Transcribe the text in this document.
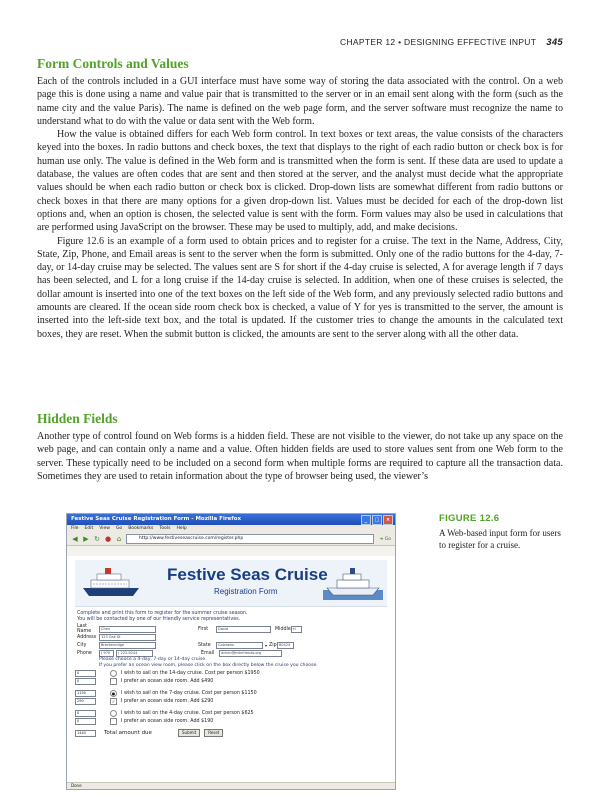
CHAPTER 12 • DESIGNING EFFECTIVE INPUT 345
Form Controls and Values

Each of the controls included in a GUI interface must have some way of storing the data associated with the control. On a web page this is done using a name and value pair that is transmitted to the server or in an email sent along with the form (such as the name city and the value Paris). The name is defined on the web page form, and the server software must recognize the name to understand what to do with the value or data sent with the Web form.

How the value is obtained differs for each Web form control. In text boxes or text areas, the value consists of the characters keyed into the boxes. In radio buttons and check boxes, the text that displays to the right of each radio button or check box is for human use only. The value is defined in the Web form and is transmitted when the form is sent. If these data are used to update a database, the values are often codes that are sent and then stored at the server, and the analyst must decide what the appropriate values should be when each radio button or check box is clicked. Drop-down lists are somewhat different from radio buttons or check boxes in that there are many options for a given drop-down list. Values must be decided for each of the drop-down list options and, when an option is chosen, the selected value is sent with the form. Form values may also be used in calculations that are performed using JavaScript on the browser. These may be used to multiply, add, and make decisions.

Figure 12.6 is an example of a form used to obtain prices and to register for a cruise. The text in the Name, Address, City, State, Zip, Phone, and Email areas is sent to the server when the form is submitted. Only one of the radio buttons for the 4-day, 7-day, or 14-day cruise may be selected. The values sent are S for short if the 4-day cruise is selected, A for average length if 7 days has been selected, and L for a long cruise if the 14-day cruise is selected. In addition, when one of these cruises is selected, the dollar amount is inserted into one of the text boxes on the left side of the Web form, and any previously selected radio buttons and amounts are cleared. If the ocean side room check box is checked, a value of Y for yes is transmitted to the server, the amount is inserted into the left-side text box, and the total is updated. If the customer tries to change the amounts in the calculated text boxes, they are reset. When the submit button is clicked, the amounts are sent to the server along with all the other data.

Hidden Fields

Another type of control found on Web forms is a hidden field. These are not visible to the viewer, do not take up any space on the web page, and can contain only a name and a value. Often hidden fields are used to store values sent from one Web form to the server. These typically need to be included on a second form when multiple forms are required to capture all the transaction data. Sometimes they are used to retain information about the type of browser being used, the viewer’s

Festive Seas Cruise Registration Form - Mozilla Firefox	_	□	×
File Edit View Go Bookmarks Tools Help
◀ ▶ ↻ ● ⌂	http://www.festiveseascruise.com/register.php	➔ Go
Festive Seas Cruise
Registration Form
Complete and print this form to register for the summer cruise season.
You will be contacted by one of our friendly service representatives.
Last Name
Chen	First	David	Middle H
Address	123 Oak St
City	Breckenridge	State	Colorado	▾ Zip 80424
Phone	( 970	) 223-9244	Email	dchen@mtnfriends.org
Please choose a 4-day, 7-day or 14-day cruise.
If you prefer an ocean view room, please click on the box directly below the cruise you choose.
0	I wish to sail on the 14-day cruise. Cost per person $1950
0	I prefer an ocean side room. Add $490
1150	●	I wish to sail on the 7-day cruise. Cost per person $1150
290	✓	I prefer an ocean side room. Add $290
0	I wish to sail on the 4-day cruise. Cost per person $625
0	I prefer an ocean side room. Add $190
1440	Total amount due	Submit	Reset
Done
FIGURE 12.6
A Web-based input form for users to register for a cruise.
